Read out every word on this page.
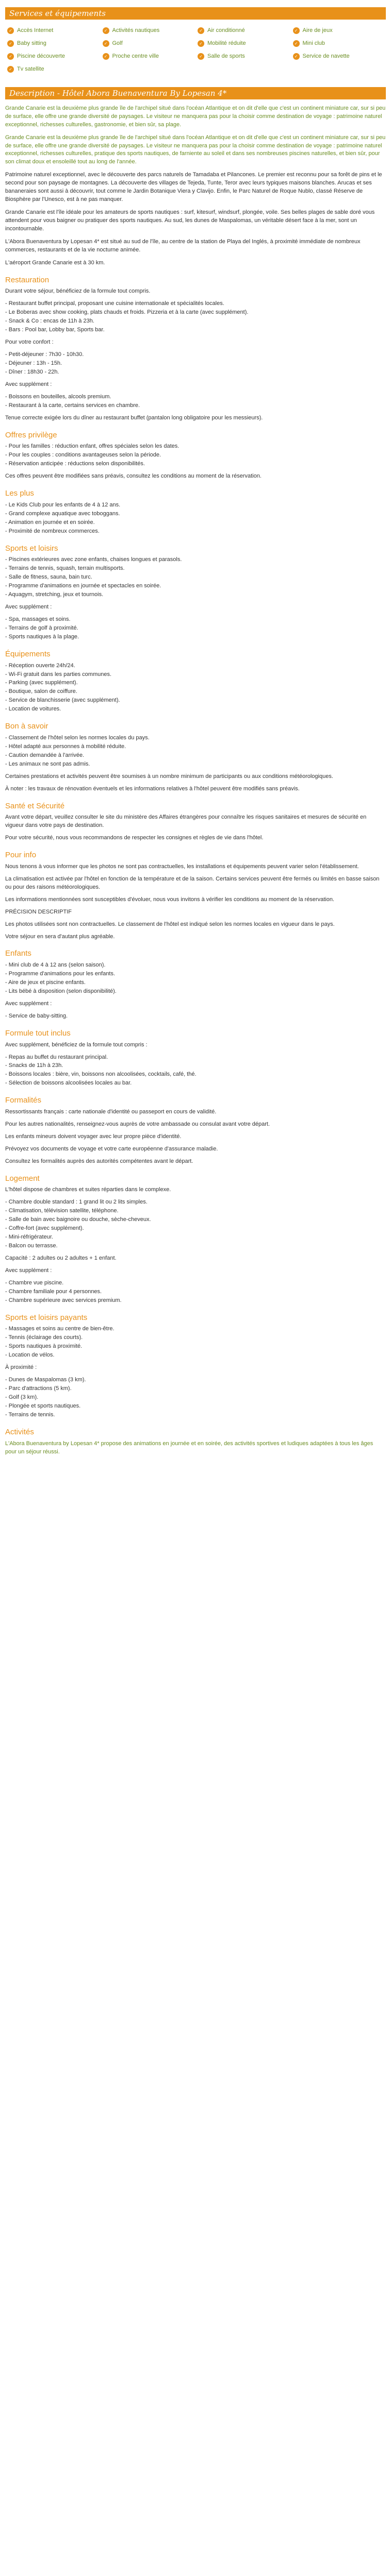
Services et équipements
✓ Accès Internet	✓ Activités nautiques	✓ Air conditionné	✓ Aire de jeux
✓ Baby sitting	✓ Golf	✓ Mobilité réduite	✓ Mini club
✓ Piscine découverte	✓ Proche centre ville	✓ Salle de sports	✓ Service de navette
✓ Tv satellite
Description - Hôtel Abora Buenaventura By Lopesan 4*

Grande Canarie est la deuxième plus grande île de l'archipel situé dans l'océan Atlantique et on dit d'elle que c'est un continent miniature car, sur si peu de surface, elle offre une grande diversité de paysages. Le visiteur ne manquera pas pour la choisir comme destination de voyage : patrimoine naturel exceptionnel, richesses culturelles, gastronomie, et bien sûr, sa plage.

Grande Canarie est la deuxième plus grande île de l'archipel situé dans l'océan Atlantique et on dit d'elle que c'est un continent miniature car, sur si peu de surface, elle offre une grande diversité de paysages. Le visiteur ne manquera pas pour la choisir comme destination de voyage : patrimoine naturel exceptionnel, richesses culturelles, pratique des sports nautiques, de farniente au soleil et dans ses nombreuses piscines naturelles, et bien sûr, pour son climat doux et ensoleillé tout au long de l'année.

Patrimoine naturel exceptionnel, avec le découverte des parcs naturels de Tamadaba et Pilancones. Le premier est reconnu pour sa forêt de pins et le second pour son paysage de montagnes. La découverte des villages de Tejeda, Tunte, Teror avec leurs typiques maisons blanches. Arucas et ses bananeraies sont aussi à découvrir, tout comme le Jardin Botanique Viera y Clavijo. Enfin, le Parc Naturel de Roque Nublo, classé Réserve de Biosphère par l'Unesco, est à ne pas manquer.

Grande Canarie est l'île idéale pour les amateurs de sports nautiques : surf, kitesurf, windsurf, plongée, voile. Ses belles plages de sable doré vous attendent pour vous baigner ou pratiquer des sports nautiques. Au sud, les dunes de Maspalomas, un véritable désert face à la mer, sont un incontournable.

L'Abora Buenaventura by Lopesan 4* est situé au sud de l'île, au centre de la station de Playa del Inglés, à proximité immédiate de nombreux commerces, restaurants et de la vie nocturne animée.

L'aéroport Grande Canarie est à 30 km.

Restauration

Durant votre séjour, bénéficiez de la formule tout compris.

- Restaurant buffet principal, proposant une cuisine internationale et spécialités locales.
- Le Boberas avec show cooking, plats chauds et froids. Pizzeria et à la carte (avec supplément).
- Snack & Co : encas de 11h à 23h.
- Bars : Pool bar, Lobby bar, Sports bar.

Pour votre confort :

- Petit-déjeuner : 7h30 - 10h30.
- Déjeuner : 13h - 15h.
- Dîner : 18h30 - 22h.

Avec supplément :

- Boissons en bouteilles, alcools premium.
- Restaurant à la carte, certains services en chambre.

Tenue correcte exigée lors du dîner au restaurant buffet (pantalon long obligatoire pour les messieurs).

Offres privilège
- Pour les familles : réduction enfant, offres spéciales selon les dates.
- Pour les couples : conditions avantageuses selon la période.
- Réservation anticipée : réductions selon disponibilités.

Ces offres peuvent être modifiées sans préavis, consultez les conditions au moment de la réservation.

Les plus
- Le Kids Club pour les enfants de 4 à 12 ans.
- Grand complexe aquatique avec toboggans.
- Animation en journée et en soirée.
- Proximité de nombreux commerces.
Sports et loisirs
- Piscines extérieures avec zone enfants, chaises longues et parasols.
- Terrains de tennis, squash, terrain multisports.
- Salle de fitness, sauna, bain turc.
- Programme d'animations en journée et spectacles en soirée.
- Aquagym, stretching, jeux et tournois.

Avec supplément :

- Spa, massages et soins.
- Terrains de golf à proximité.
- Sports nautiques à la plage.
Équipements
- Réception ouverte 24h/24.
- Wi-Fi gratuit dans les parties communes.
- Parking (avec supplément).
- Boutique, salon de coiffure.
- Service de blanchisserie (avec supplément).
- Location de voitures.
Bon à savoir
- Classement de l'hôtel selon les normes locales du pays.
- Hôtel adapté aux personnes à mobilité réduite.
- Caution demandée à l'arrivée.
- Les animaux ne sont pas admis.

Certaines prestations et activités peuvent être soumises à un nombre minimum de participants ou aux conditions météorologiques.

À noter : les travaux de rénovation éventuels et les informations relatives à l'hôtel peuvent être modifiés sans préavis.

Santé et Sécurité

Avant votre départ, veuillez consulter le site du ministère des Affaires étrangères pour connaître les risques sanitaires et mesures de sécurité en vigueur dans votre pays de destination.

Pour votre sécurité, nous vous recommandons de respecter les consignes et règles de vie dans l'hôtel.

Pour info

Nous tenons à vous informer que les photos ne sont pas contractuelles, les installations et équipements peuvent varier selon l'établissement.

La climatisation est activée par l'hôtel en fonction de la température et de la saison. Certains services peuvent être fermés ou limités en basse saison ou pour des raisons météorologiques.

Les informations mentionnées sont susceptibles d'évoluer, nous vous invitons à vérifier les conditions au moment de la réservation.

PRÉCISION DESCRIPTIF

Les photos utilisées sont non contractuelles. Le classement de l'hôtel est indiqué selon les normes locales en vigueur dans le pays.

Votre séjour en sera d'autant plus agréable.

Enfants
- Mini club de 4 à 12 ans (selon saison).
- Programme d'animations pour les enfants.
- Aire de jeux et piscine enfants.
- Lits bébé à disposition (selon disponibilité).

Avec supplément :

- Service de baby-sitting.
Formule tout inclus

Avec supplément, bénéficiez de la formule tout compris :

- Repas au buffet du restaurant principal.
- Snacks de 11h à 23h.
- Boissons locales : bière, vin, boissons non alcoolisées, cocktails, café, thé.
- Sélection de boissons alcoolisées locales au bar.
Formalités

Ressortissants français : carte nationale d'identité ou passeport en cours de validité.

Pour les autres nationalités, renseignez-vous auprès de votre ambassade ou consulat avant votre départ.

Les enfants mineurs doivent voyager avec leur propre pièce d'identité.

Prévoyez vos documents de voyage et votre carte européenne d'assurance maladie.

Consultez les formalités auprès des autorités compétentes avant le départ.

Logement

L'hôtel dispose de chambres et suites réparties dans le complexe.

- Chambre double standard : 1 grand lit ou 2 lits simples.
- Climatisation, télévision satellite, téléphone.
- Salle de bain avec baignoire ou douche, sèche-cheveux.
- Coffre-fort (avec supplément).
- Mini-réfrigérateur.
- Balcon ou terrasse.

Capacité : 2 adultes ou 2 adultes + 1 enfant.

Avec supplément :

- Chambre vue piscine.
- Chambre familiale pour 4 personnes.
- Chambre supérieure avec services premium.
Sports et loisirs payants
- Massages et soins au centre de bien-être.
- Tennis (éclairage des courts).
- Sports nautiques à proximité.
- Location de vélos.

À proximité :

- Dunes de Maspalomas (3 km).
- Parc d'attractions (5 km).
- Golf (3 km).
- Plongée et sports nautiques.
- Terrains de tennis.
Activités

L'Abora Buenaventura by Lopesan 4* propose des animations en journée et en soirée, des activités sportives et ludiques adaptées à tous les âges pour un séjour réussi.
